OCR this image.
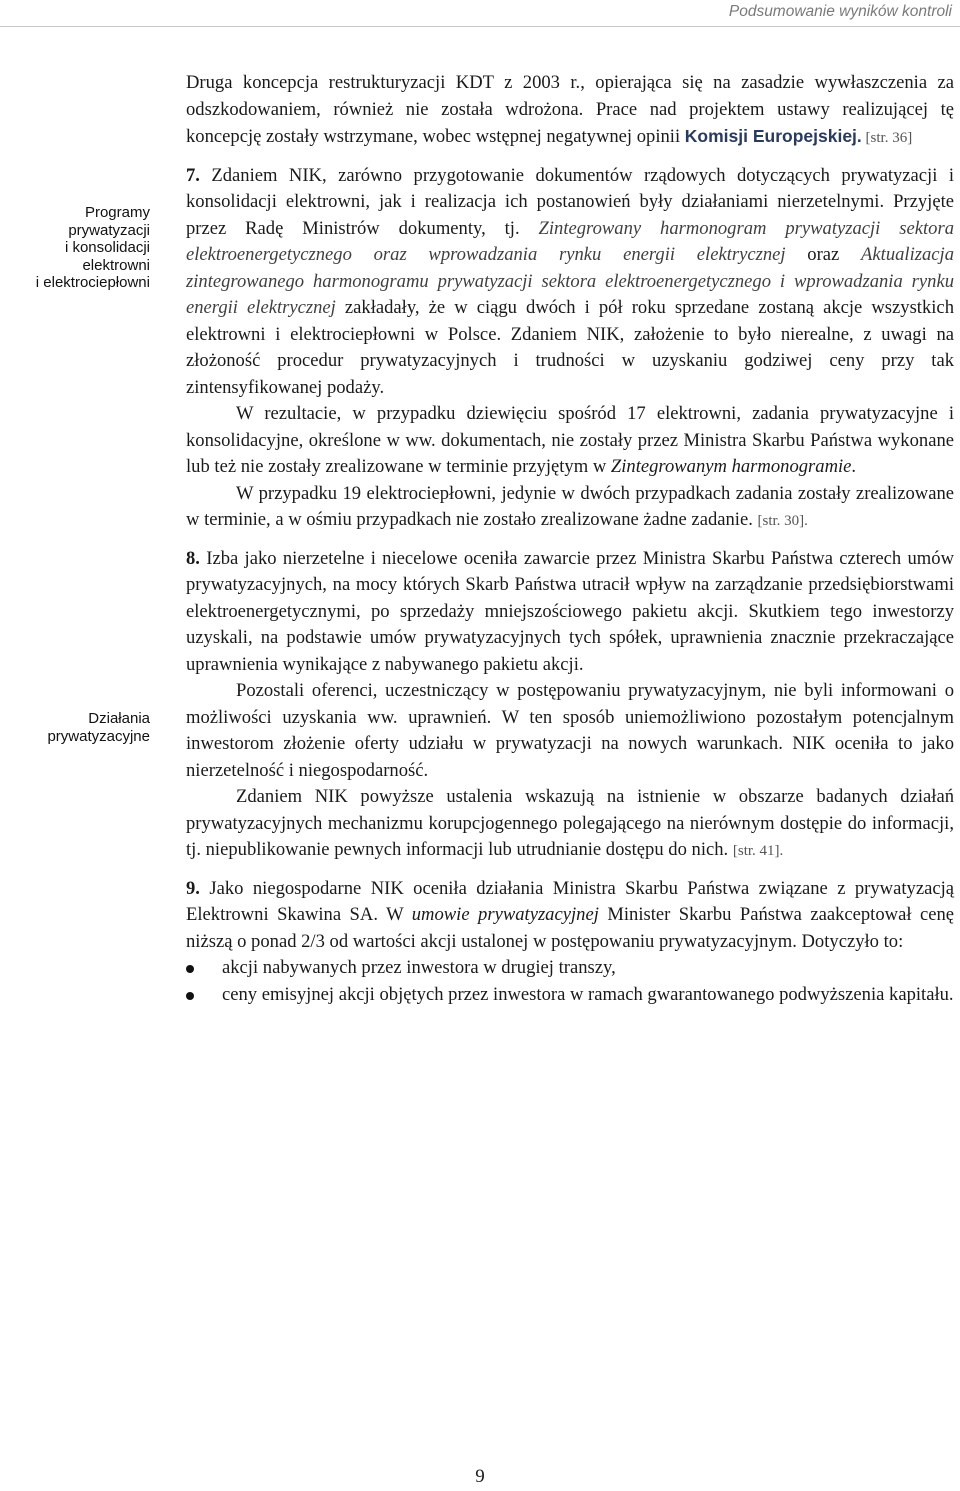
Podsumowanie wyników kontroli
Programy
prywatyzacji
i konsolidacji
elektrowni
i elektrociepłowni
Działania
prywatyzacyjne

Druga koncepcja restrukturyzacji KDT z 2003 r., opierająca się na zasadzie wywłaszczenia za odszkodowaniem, również nie została wdrożona. Prace nad projektem ustawy realizującej tę koncepcję zostały wstrzymane, wobec wstępnej negatywnej opinii Komisji Europejskiej. [str. 36]

7. Zdaniem NIK, zarówno przygotowanie dokumentów rządowych dotyczących prywatyzacji i konsolidacji elektrowni, jak i realizacja ich postanowień były działaniami nierzetelnymi. Przyjęte przez Radę Ministrów dokumenty, tj. Zintegrowany harmonogram prywatyzacji sektora elektroenergetycznego oraz wprowadzania rynku energii elektrycznej oraz Aktualizacja zintegrowanego harmonogramu prywatyzacji sektora elektroenergetycznego i wprowadzania rynku energii elektrycznej zakładały, że w ciągu dwóch i pół roku sprzedane zostaną akcje wszystkich elektrowni i elektrociepłowni w Polsce. Zdaniem NIK, założenie to było nierealne, z uwagi na złożoność procedur prywatyzacyjnych i trudności w uzyskaniu godziwej ceny przy tak zintensyfikowanej podaży.

W rezultacie, w przypadku dziewięciu spośród 17 elektrowni, zadania prywatyzacyjne i konsolidacyjne, określone w ww. dokumentach, nie zostały przez Ministra Skarbu Państwa wykonane lub też nie zostały zrealizowane w terminie przyjętym w Zintegrowanym harmonogramie.

W przypadku 19 elektrociepłowni, jedynie w dwóch przypadkach zadania zostały zrealizowane w terminie, a w ośmiu przypadkach nie zostało zrealizowane żadne zadanie. [str. 30].

8. Izba jako nierzetelne i niecelowe oceniła zawarcie przez Ministra Skarbu Państwa czterech umów prywatyzacyjnych, na mocy których Skarb Państwa utracił wpływ na zarządzanie przedsiębiorstwami elektroenergetycznymi, po sprzedaży mniejszościowego pakietu akcji. Skutkiem tego inwestorzy uzyskali, na podstawie umów prywatyzacyjnych tych spółek, uprawnienia znacznie przekraczające uprawnienia wynikające z nabywanego pakietu akcji.

Pozostali oferenci, uczestniczący w postępowaniu prywatyzacyjnym, nie byli informowani o możliwości uzyskania ww. uprawnień. W ten sposób uniemożliwiono pozostałym potencjalnym inwestorom złożenie oferty udziału w prywatyzacji na nowych warunkach. NIK oceniła to jako nierzetelność i niegospodarność.

Zdaniem NIK powyższe ustalenia wskazują na istnienie w obszarze badanych działań prywatyzacyjnych mechanizmu korupcjogennego polegającego na nierównym dostępie do informacji, tj. niepublikowanie pewnych informacji lub utrudnianie dostępu do nich. [str. 41].

9. Jako niegospodarne NIK oceniła działania Ministra Skarbu Państwa związane z prywatyzacją Elektrowni Skawina SA. W umowie prywatyzacyjnej Minister Skarbu Państwa zaakceptował cenę niższą o ponad 2/3 od wartości akcji ustalonej w postępowaniu prywatyzacyjnym. Dotyczyło to:

akcji nabywanych przez inwestora w drugiej transzy,
ceny emisyjnej akcji objętych przez inwestora w ramach gwarantowanego podwyższenia kapitału.
9
